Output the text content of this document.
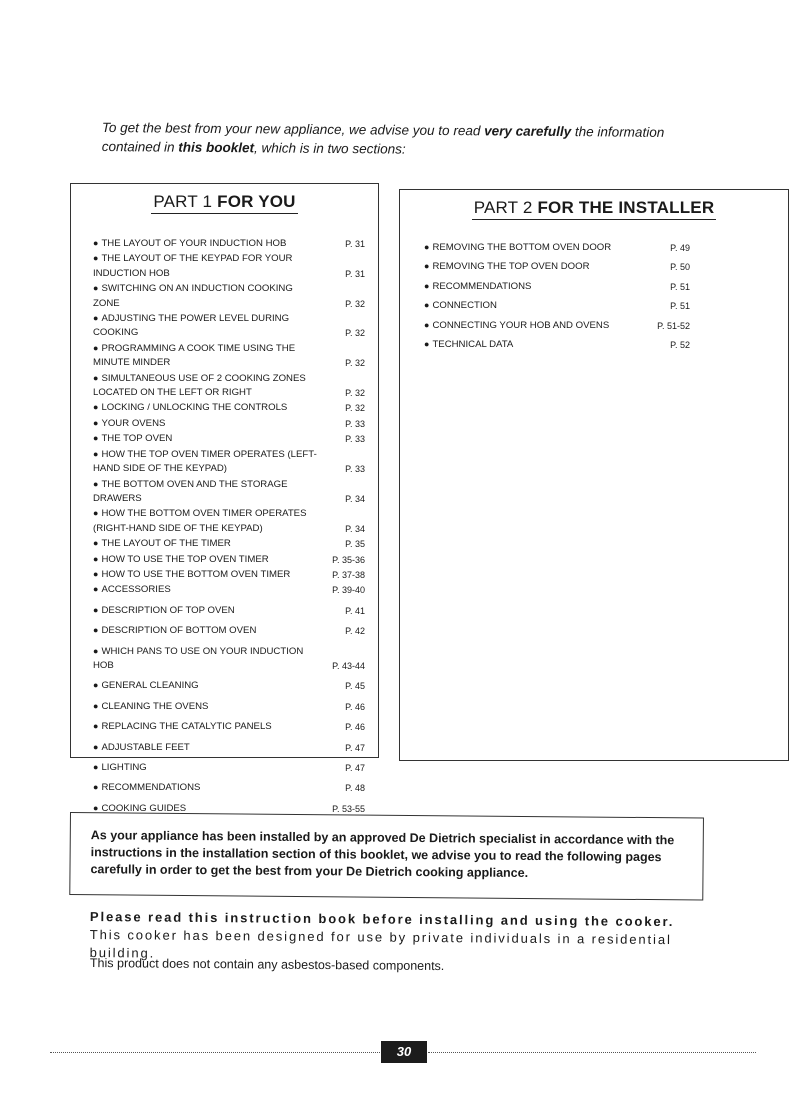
To get the best from your new appliance, we advise you to read very carefully the information contained in this booklet, which is in two sections:
PART 1 FOR YOU
● THE LAYOUT OF YOUR INDUCTION HOB	P. 31
● THE LAYOUT OF THE KEYPAD FOR YOUR INDUCTION HOB	P. 31
● SWITCHING ON AN INDUCTION COOKING ZONE	P. 32
● ADJUSTING THE POWER LEVEL DURING COOKING	P. 32
● PROGRAMMING A COOK TIME USING THE MINUTE MINDER	P. 32
● SIMULTANEOUS USE OF 2 COOKING ZONES LOCATED ON THE LEFT OR RIGHT	P. 32
● LOCKING / UNLOCKING THE CONTROLS	P. 32
● YOUR OVENS	P. 33
● THE TOP OVEN	P. 33
● HOW THE TOP OVEN TIMER OPERATES (LEFT-HAND SIDE OF THE KEYPAD)	P. 33
● THE BOTTOM OVEN AND THE STORAGE DRAWERS	P. 34
● HOW THE BOTTOM OVEN TIMER OPERATES (RIGHT-HAND SIDE OF THE KEYPAD)	P. 34
● THE LAYOUT OF THE TIMER	P. 35
● HOW TO USE THE TOP OVEN TIMER	P. 35-36
● HOW TO USE THE BOTTOM OVEN TIMER	P. 37-38
● ACCESSORIES	P. 39-40
● DESCRIPTION OF TOP OVEN	P. 41
● DESCRIPTION OF BOTTOM OVEN	P. 42
● WHICH PANS TO USE ON YOUR INDUCTION HOB	P. 43-44
● GENERAL CLEANING	P. 45
● CLEANING THE OVENS	P. 46
● REPLACING THE CATALYTIC PANELS	P. 46
● ADJUSTABLE FEET	P. 47
● LIGHTING	P. 47
● RECOMMENDATIONS	P. 48
● COOKING GUIDES	P. 53-55
PART 2 FOR THE INSTALLER
● REMOVING THE BOTTOM OVEN DOOR	P. 49
● REMOVING THE TOP OVEN DOOR	P. 50
● RECOMMENDATIONS	P. 51
● CONNECTION	P. 51
● CONNECTING YOUR HOB AND OVENS	P. 51-52
● TECHNICAL DATA	P. 52
As your appliance has been installed by an approved De Dietrich specialist in accordance with the instructions in the installation section of this booklet, we advise you to read the following pages carefully in order to get the best from your De Dietrich cooking appliance.
Please read this instruction book before installing and using the cooker.
This cooker has been designed for use by private individuals in a residential building.
This product does not contain any asbestos-based components.
30
